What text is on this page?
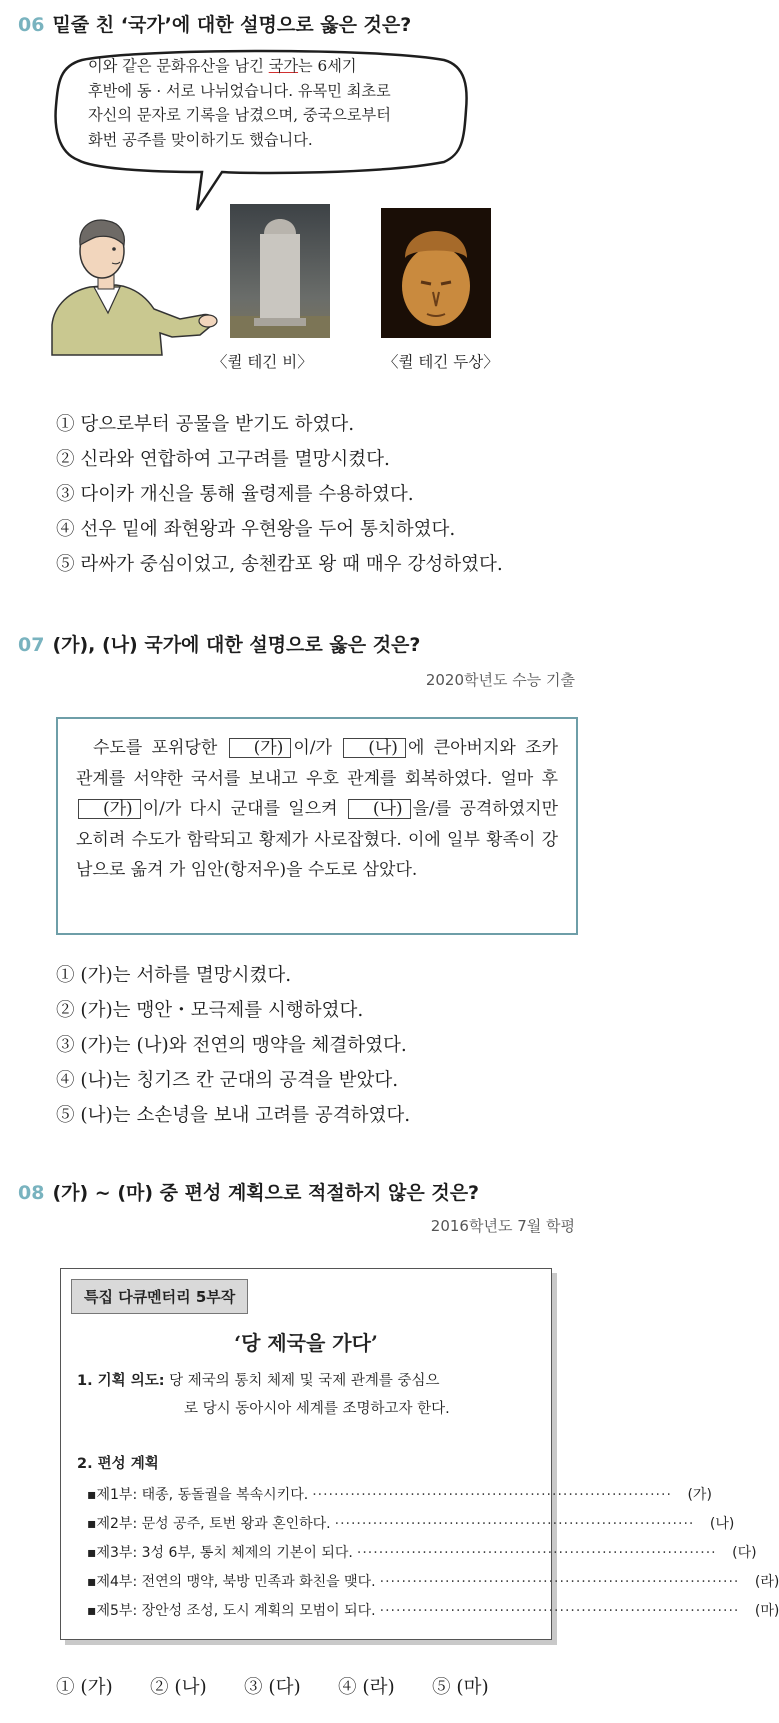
06 밑줄 친 ‘국가’에 대한 설명으로 옳은 것은?
이와 같은 문화유산을 남긴 국가는 6세기
후반에 동 · 서로 나뉘었습니다. 유목민 최초로
자신의 문자로 기록을 남겼으며, 중국으로부터
화번 공주를 맞이하기도 했습니다.
〈퀼 테긴 비〉	〈퀼 테긴 두상〉
① 당으로부터 공물을 받기도 하였다.
② 신라와 연합하여 고구려를 멸망시켰다.
③ 다이카 개신을 통해 율령제를 수용하였다.
④ 선우 밑에 좌현왕과 우현왕을 두어 통치하였다.
⑤ 라싸가 중심이었고, 송첸캄포 왕 때 매우 강성하였다.
07 (가), (나) 국가에 대한 설명으로 옳은 것은?
2020학년도 수능 기출

수도를 포위당한 (가) 이/가 (나) 에 큰아버지와 조카 관계를 서약한 국서를 보내고 우호 관계를 회복하였다. 얼마 후 (가) 이/가 다시 군대를 일으켜 (나) 을/를 공격하였지만 오히려 수도가 함락되고 황제가 사로잡혔다. 이에 일부 황족이 강남으로 옮겨 가 임안(항저우)을 수도로 삼았다.

① (가)는 서하를 멸망시켰다.
② (가)는 맹안・모극제를 시행하였다.
③ (가)는 (나)와 전연의 맹약을 체결하였다.
④ (나)는 칭기즈 칸 군대의 공격을 받았다.
⑤ (나)는 소손녕을 보내 고려를 공격하였다.
08 (가) ~ (마) 중 편성 계획으로 적절하지 않은 것은?
2016학년도 7월 학평
특집 다큐멘터리 5부작
‘당 제국을 가다’
1. 기획 의도: 당 제국의 통치 체제 및 국제 관계를 중심으
로 당시 동아시아 세계를 조명하고자 한다.
2. 편성 계획
▪ 제1부: 태종, 동돌궐을 복속시키다. ··································································	(가)
▪ 제2부: 문성 공주, 토번 왕과 혼인하다. ··································································	(나)
▪ 제3부: 3성 6부, 통치 체제의 기본이 되다. ··································································	(다)
▪ 제4부: 전연의 맹약, 북방 민족과 화친을 맺다. ··································································	(라)
▪ 제5부: 장안성 조성, 도시 계획의 모범이 되다. ··································································	(마)
① (가)	② (나)	③ (다)	④ (라)	⑤ (마)
